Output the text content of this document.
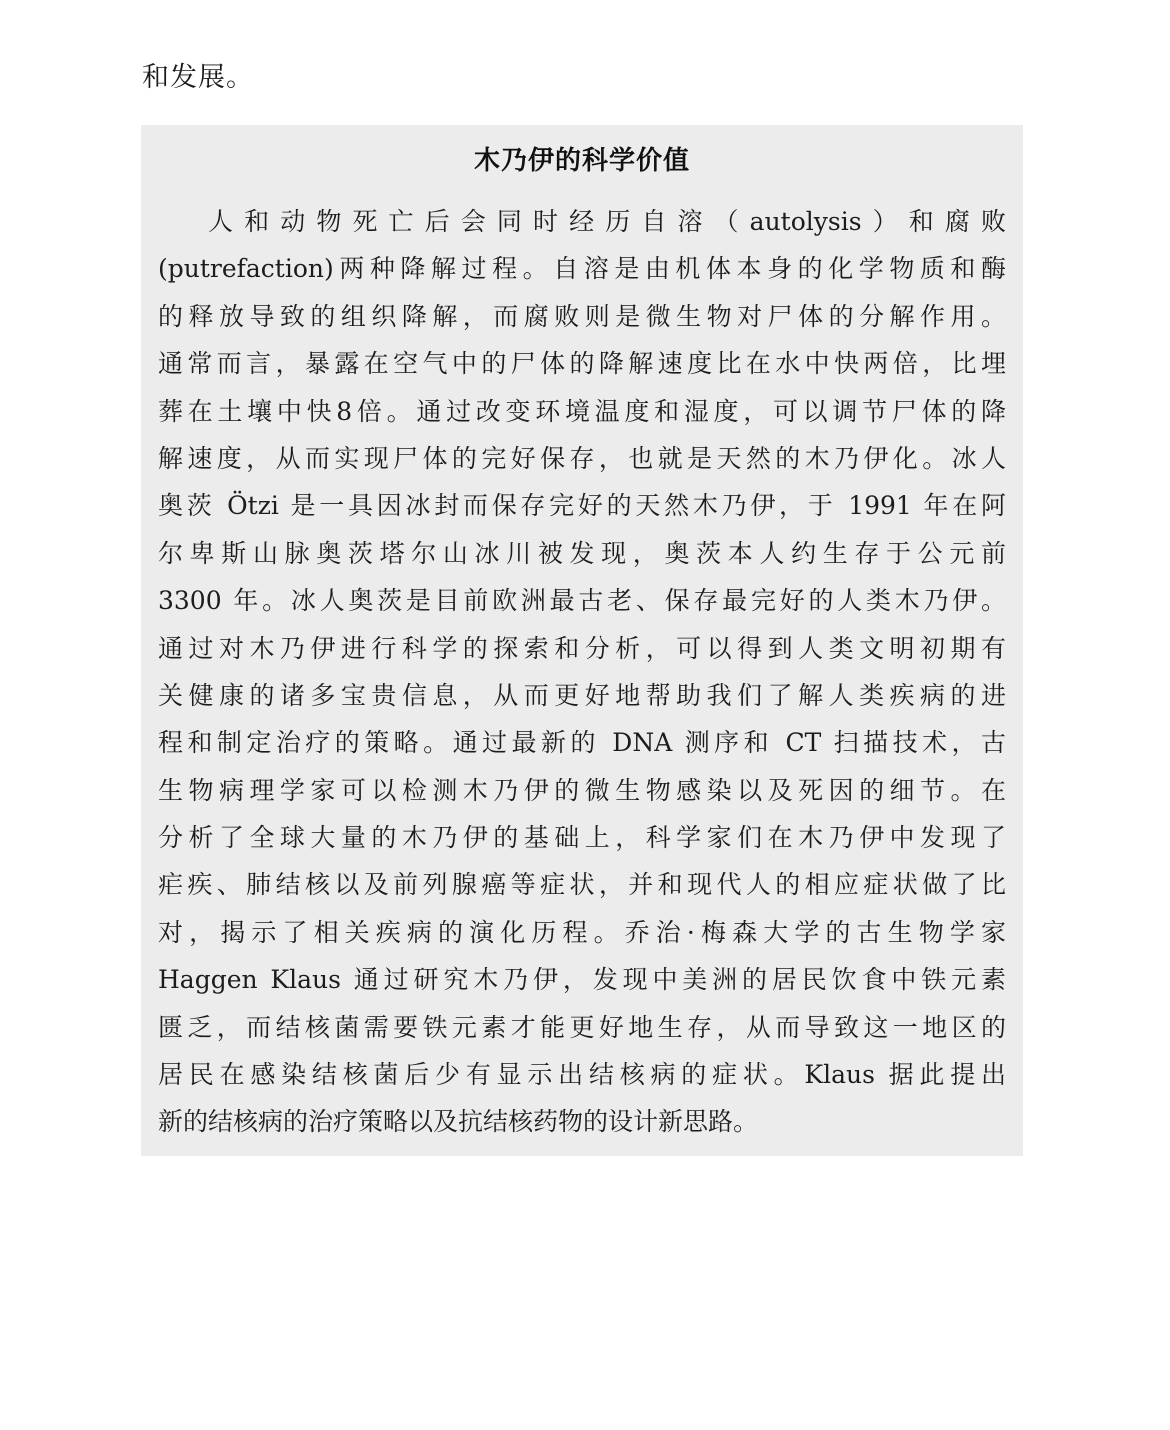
和发展。
木乃伊的科学价值
人和动物死亡后会同时经历自溶（autolysis）和腐败
(putrefaction)两种降解过程。自溶是由机体本身的化学物质和酶
的释放导致的组织降解，而腐败则是微生物对尸体的分解作用。
通常而言，暴露在空气中的尸体的降解速度比在水中快两倍，比埋
葬在土壤中快8倍。通过改变环境温度和湿度，可以调节尸体的降
解速度，从而实现尸体的完好保存，也就是天然的木乃伊化。冰人
奥茨 Ötzi 是一具因冰封而保存完好的天然木乃伊，于 1991 年在阿
尔卑斯山脉奥茨塔尔山冰川被发现，奥茨本人约生存于公元前
3300 年。冰人奥茨是目前欧洲最古老、保存最完好的人类木乃伊。
通过对木乃伊进行科学的探索和分析，可以得到人类文明初期有
关健康的诸多宝贵信息，从而更好地帮助我们了解人类疾病的进
程和制定治疗的策略。通过最新的 DNA 测序和 CT 扫描技术，古
生物病理学家可以检测木乃伊的微生物感染以及死因的细节。在
分析了全球大量的木乃伊的基础上，科学家们在木乃伊中发现了
疟疾、肺结核以及前列腺癌等症状，并和现代人的相应症状做了比
对，揭示了相关疾病的演化历程。乔治·梅森大学的古生物学家
Haggen Klaus 通过研究木乃伊，发现中美洲的居民饮食中铁元素
匮乏，而结核菌需要铁元素才能更好地生存，从而导致这一地区的
居民在感染结核菌后少有显示出结核病的症状。Klaus 据此提出
新的结核病的治疗策略以及抗结核药物的设计新思路。
